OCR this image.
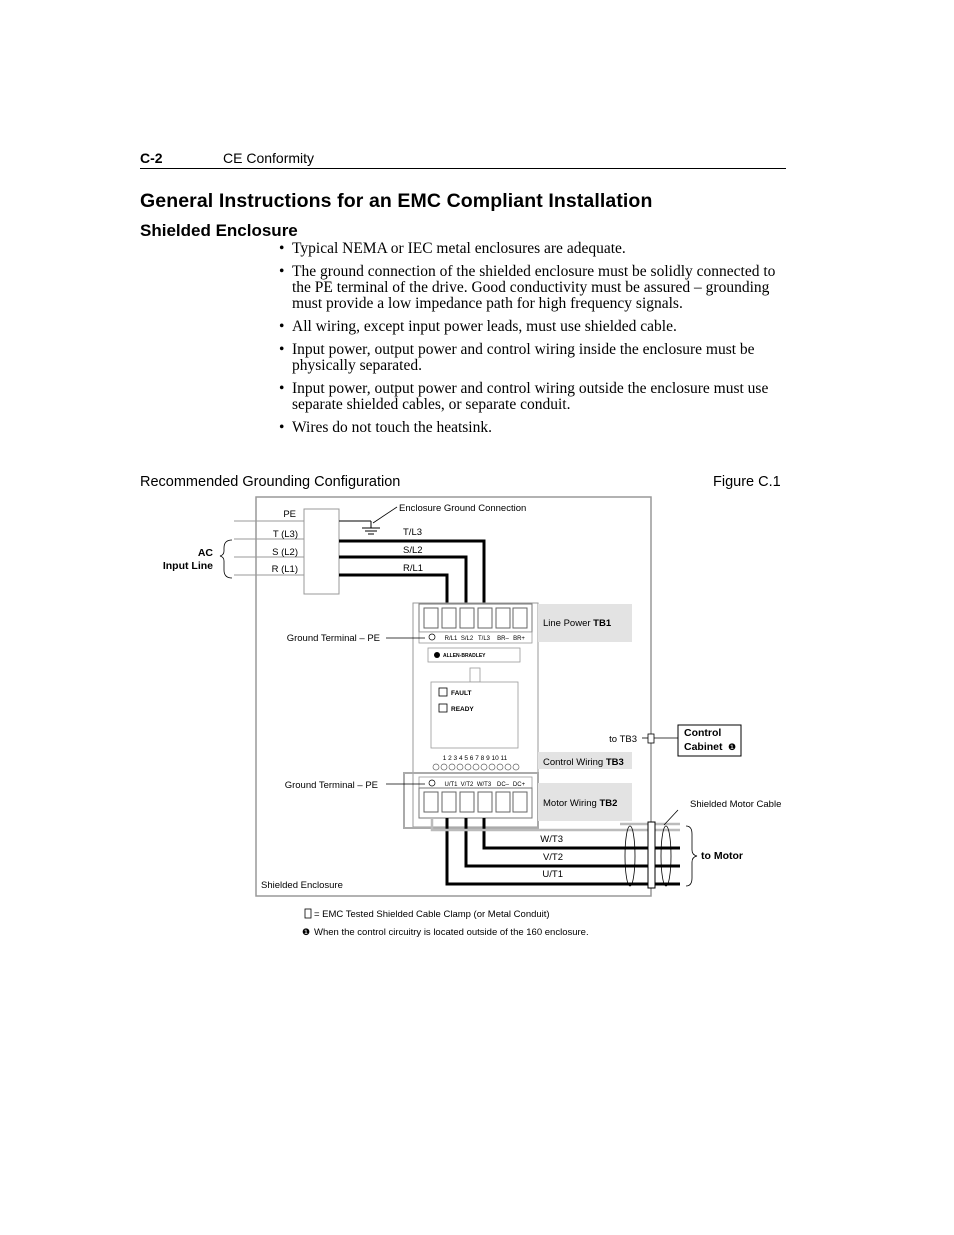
C-2	CE Conformity
General Instructions for an EMC Compliant Installation
Shielded Enclosure
• Typical NEMA or IEC metal enclosures are adequate.
• The ground connection of the shielded enclosure must be solidly connected to the PE terminal of the drive. Good conductivity must be assured – grounding must provide a low impedance path for high frequency signals.
• All wiring, except input power leads, must use shielded cable.
• Input power, output power and control wiring inside the enclosure must be physically separated.
• Input power, output power and control wiring outside the enclosure must use separate shielded cables, or separate conduit.
• Wires do not touch the heatsink.
Recommended Grounding Configuration	Figure C.1
R/L1 S/L2 T/L3 BR– BR+
ALLEN-BRADLEY
FAULT
READY
1 2 3 4 5 6 7 8 9 10 11
U/T1 V/T2 W/T3 DC– DC+
Line Power TB1
Control Wiring TB3
Motor Wiring TB2
Control
Cabinet ❶
PE
T (L3)
S (L2)
R (L1)
AC
Input Line
Enclosure Ground Connection
T/L3
S/L2
R/L1
Ground Terminal – PE
Ground Terminal – PE
to TB3
Shielded Motor Cable
W/T3
V/T2
U/T1
to Motor
Shielded Enclosure
= EMC Tested Shielded Cable Clamp (or Metal Conduit)
❶ When the control circuitry is located outside of the 160 enclosure.
